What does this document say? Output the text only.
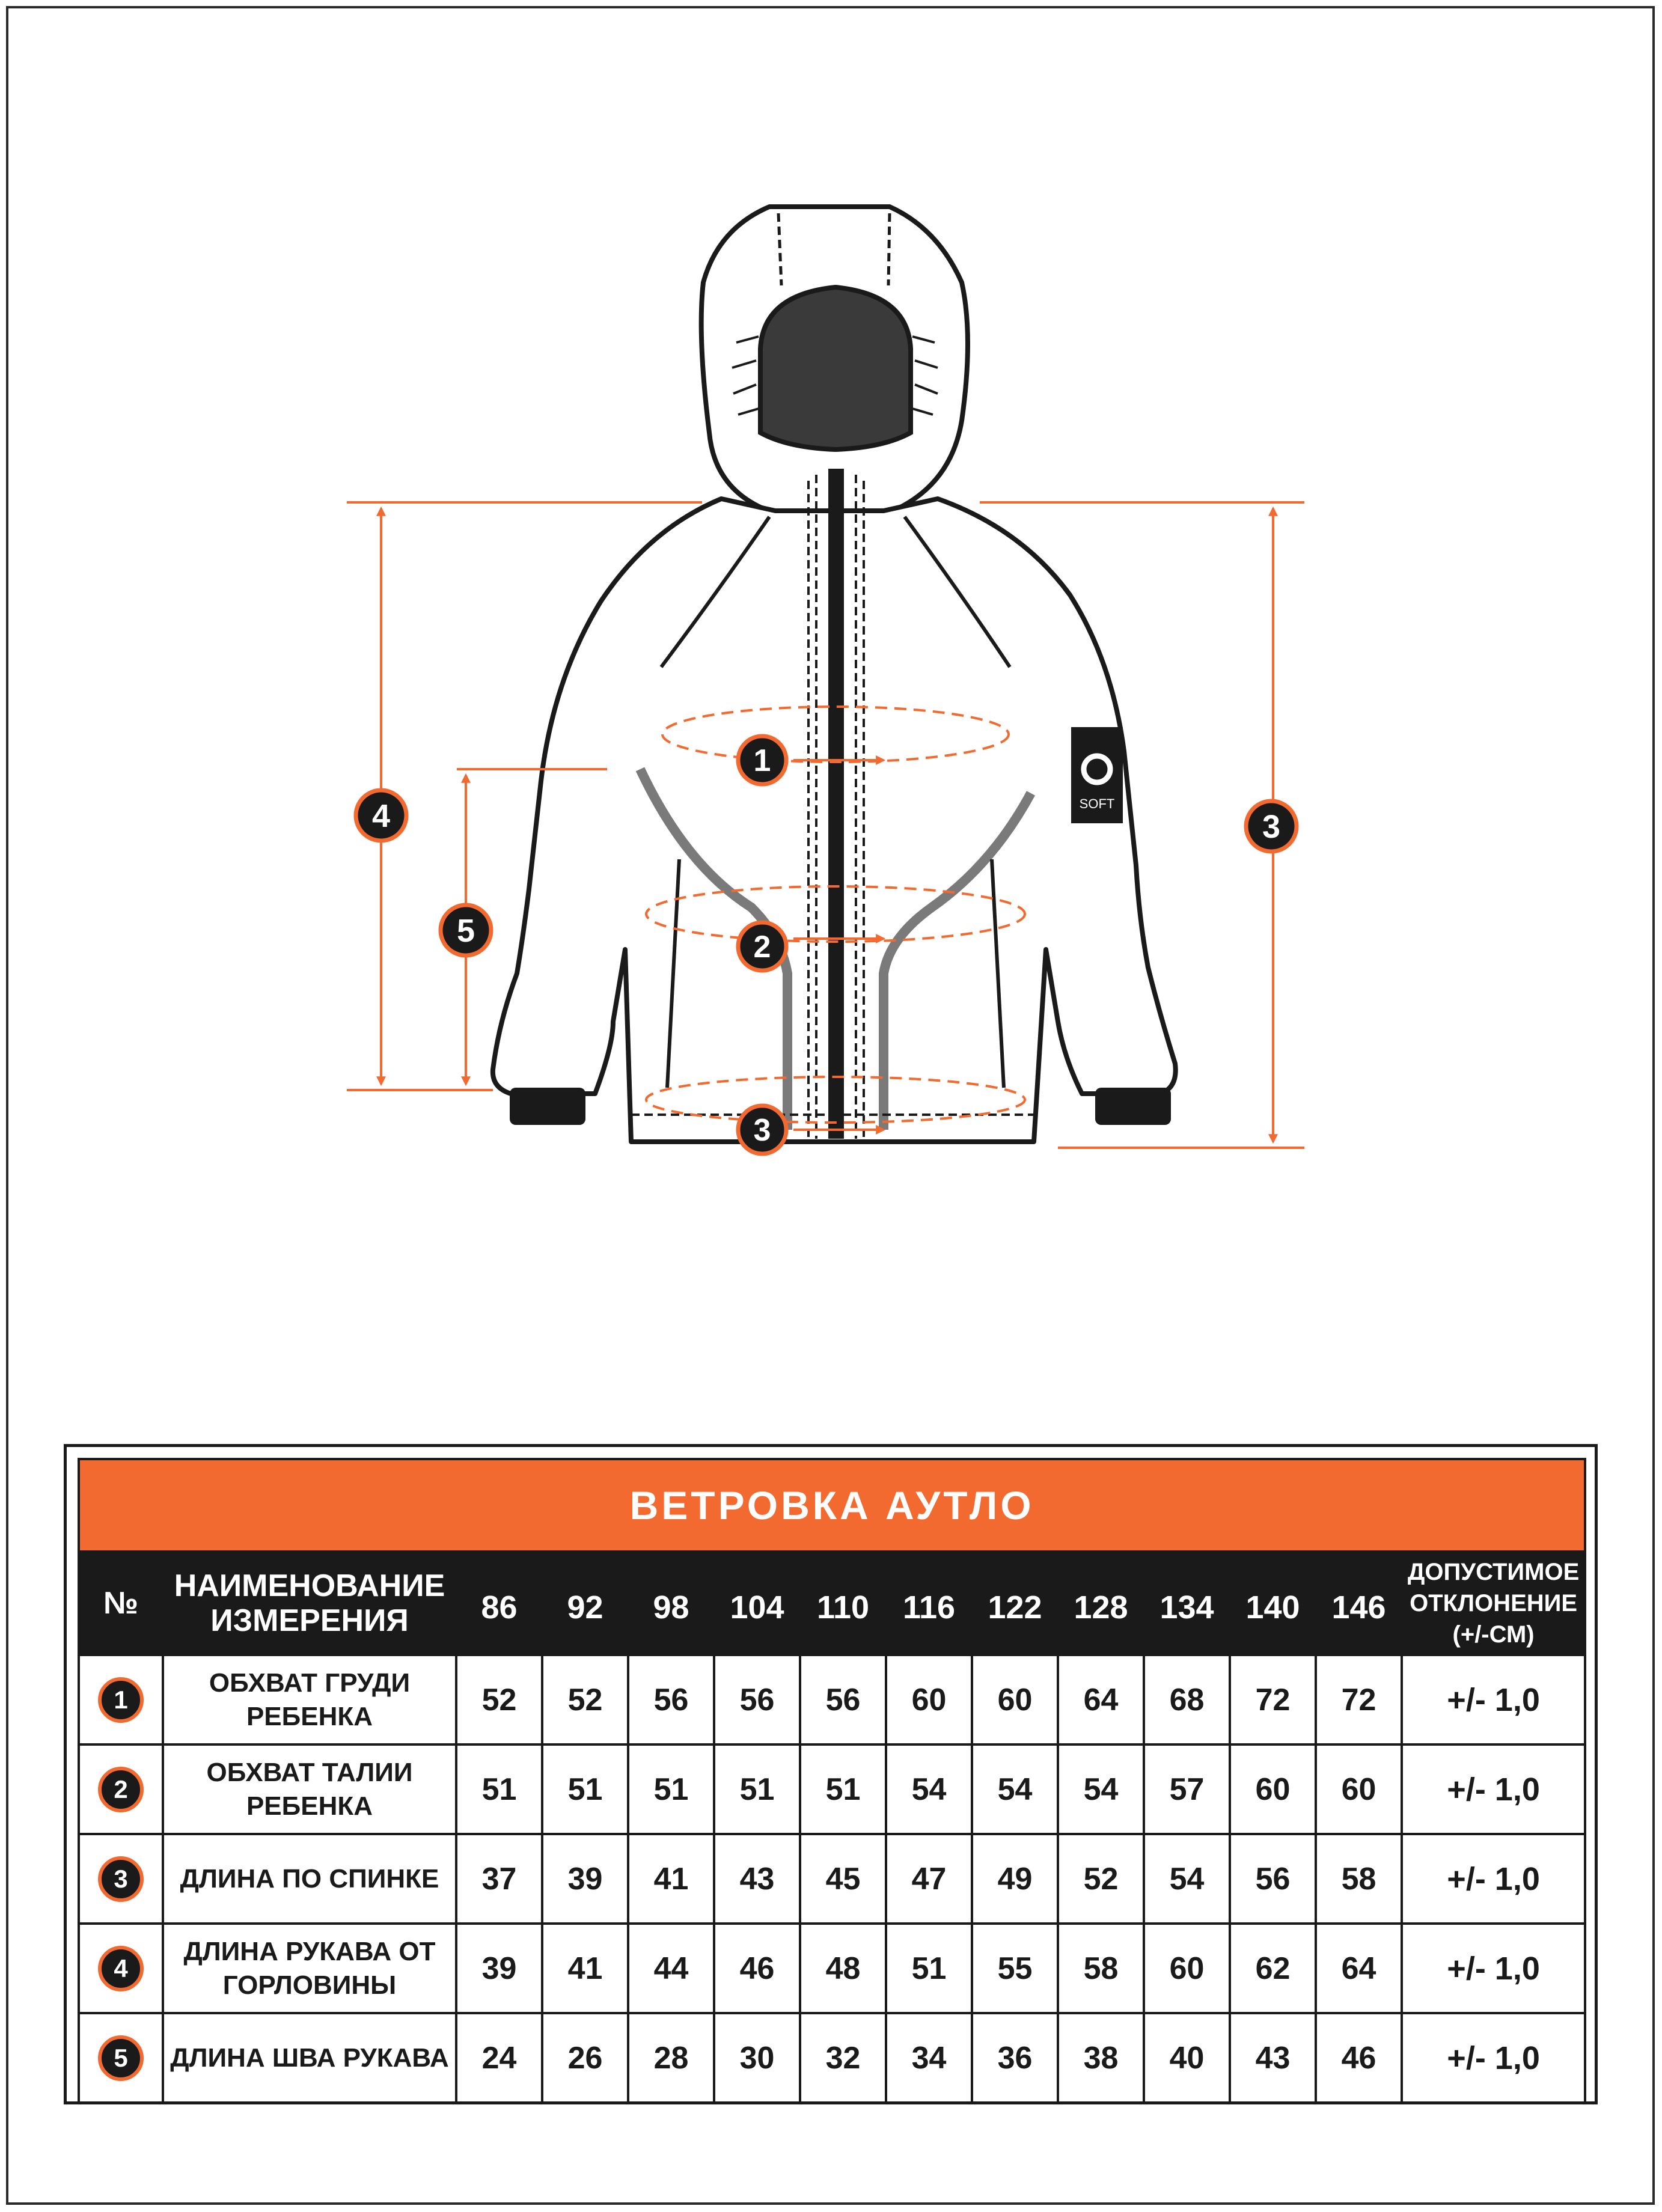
SOFT
1
2
3
3
4
5
ВЕТРОВКА АУТЛО													
№	НАИМЕНОВАНИЕ
ИЗМЕРЕНИЯ	86	92	98	104	110	116	122	128	134	140	146	ДОПУСТИМОЕ
ОТКЛОНЕНИЕ
(+/-СМ)

1	ОБХВАТ ГРУДИ
РЕБЕНКА	52	52	56	56	56	60	60	64	68	72	72	+/- 1,0
2	ОБХВАТ ТАЛИИ
РЕБЕНКА	51	51	51	51	51	54	54	54	57	60	60	+/- 1,0
3	ДЛИНА ПО СПИНКЕ	37	39	41	43	45	47	49	52	54	56	58	+/- 1,0
4	ДЛИНА РУКАВА ОТ
ГОРЛОВИНЫ	39	41	44	46	48	51	55	58	60	62	64	+/- 1,0
5	ДЛИНА ШВА РУКАВА	24	26	28	30	32	34	36	38	40	43	46	+/- 1,0
